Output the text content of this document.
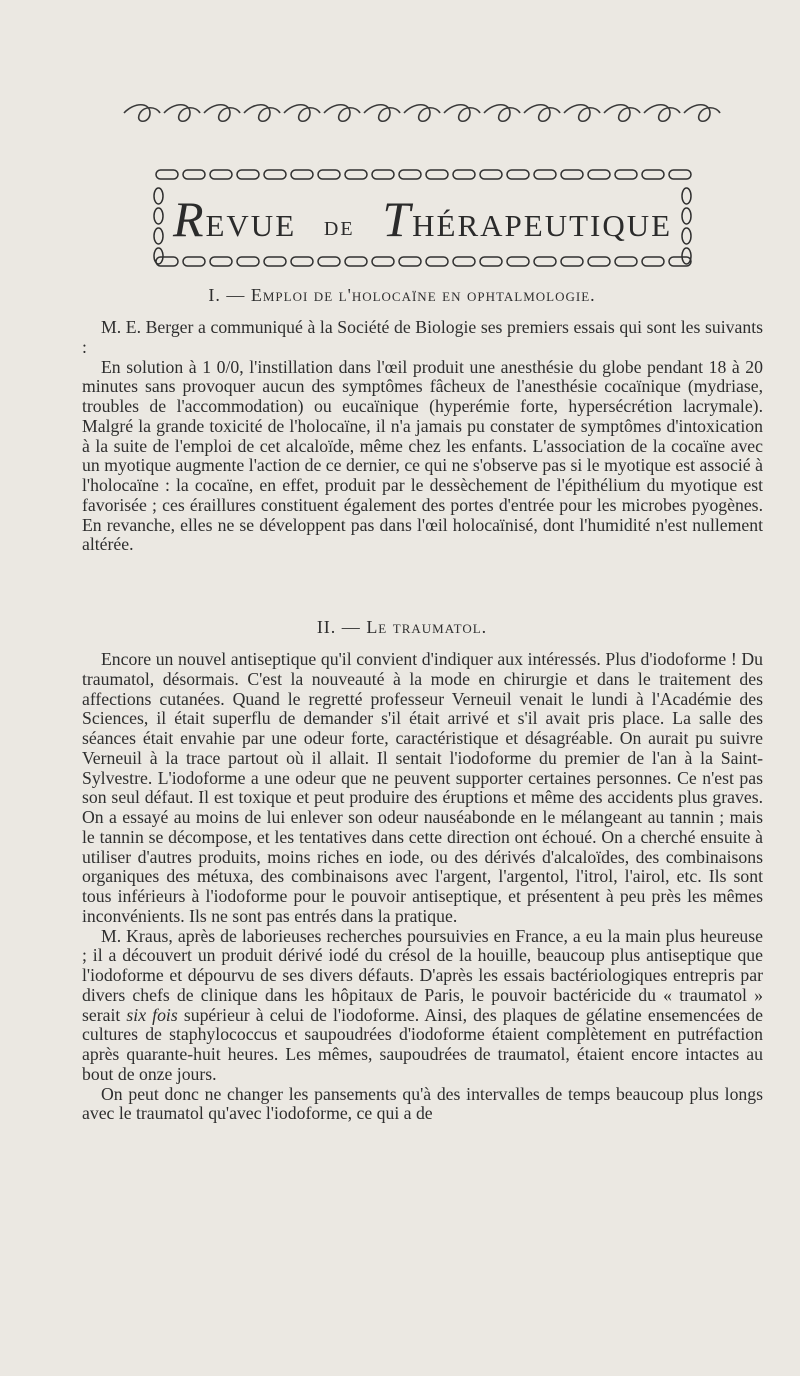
REVUE DE THÉRAPEUTIQUE
I. — Emploi de l'holocaïne en ophtalmologie.

M. E. Berger a communiqué à la Société de Biologie ses premiers essais qui sont les suivants :

En solution à 1 0/0, l'instillation dans l'œil produit une anesthésie du globe pendant 18 à 20 minutes sans provoquer aucun des symptômes fâcheux de l'anesthésie cocaïnique (mydriase, troubles de l'accommodation) ou eucaïnique (hyperémie forte, hypersécrétion lacrymale). Malgré la grande toxicité de l'holocaïne, il n'a jamais pu constater de symptômes d'intoxication à la suite de l'emploi de cet alcaloïde, même chez les enfants. L'association de la cocaïne avec un myotique augmente l'action de ce dernier, ce qui ne s'observe pas si le myotique est associé à l'holocaïne : la cocaïne, en effet, produit par le dessèchement de l'épithélium du myotique est favorisée ; ces éraillures constituent également des portes d'entrée pour les microbes pyogènes. En revanche, elles ne se développent pas dans l'œil holocaïnisé, dont l'humidité n'est nullement altérée.

II. — Le traumatol.

Encore un nouvel antiseptique qu'il convient d'indiquer aux intéressés. Plus d'iodoforme ! Du traumatol, désormais. C'est la nouveauté à la mode en chirurgie et dans le traitement des affections cutanées. Quand le regretté professeur Verneuil venait le lundi à l'Académie des Sciences, il était superflu de demander s'il était arrivé et s'il avait pris place. La salle des séances était envahie par une odeur forte, caractéristique et désagréable. On aurait pu suivre Verneuil à la trace partout où il allait. Il sentait l'iodoforme du premier de l'an à la Saint-Sylvestre. L'iodoforme a une odeur que ne peuvent supporter certaines personnes. Ce n'est pas son seul défaut. Il est toxique et peut produire des éruptions et même des accidents plus graves. On a essayé au moins de lui enlever son odeur nauséabonde en le mélangeant au tannin ; mais le tannin se décompose, et les tentatives dans cette direction ont échoué. On a cherché ensuite à utiliser d'autres produits, moins riches en iode, ou des dérivés d'alcaloïdes, des combinaisons organiques des métuxa, des combinaisons avec l'argent, l'argentol, l'itrol, l'airol, etc. Ils sont tous inférieurs à l'iodoforme pour le pouvoir antiseptique, et présentent à peu près les mêmes inconvénients. Ils ne sont pas entrés dans la pratique.

M. Kraus, après de laborieuses recherches poursuivies en France, a eu la main plus heureuse ; il a découvert un produit dérivé iodé du crésol de la houille, beaucoup plus antiseptique que l'iodoforme et dépourvu de ses divers défauts. D'après les essais bactériologiques entrepris par divers chefs de clinique dans les hôpitaux de Paris, le pouvoir bactéricide du « traumatol » serait six fois supérieur à celui de l'iodoforme. Ainsi, des plaques de gélatine ensemencées de cultures de staphylococcus et saupoudrées d'iodoforme étaient complètement en putréfaction après quarante-huit heures. Les mêmes, saupoudrées de traumatol, étaient encore intactes au bout de onze jours.

On peut donc ne changer les pansements qu'à des intervalles de temps beaucoup plus longs avec le traumatol qu'avec l'iodoforme, ce qui a de
